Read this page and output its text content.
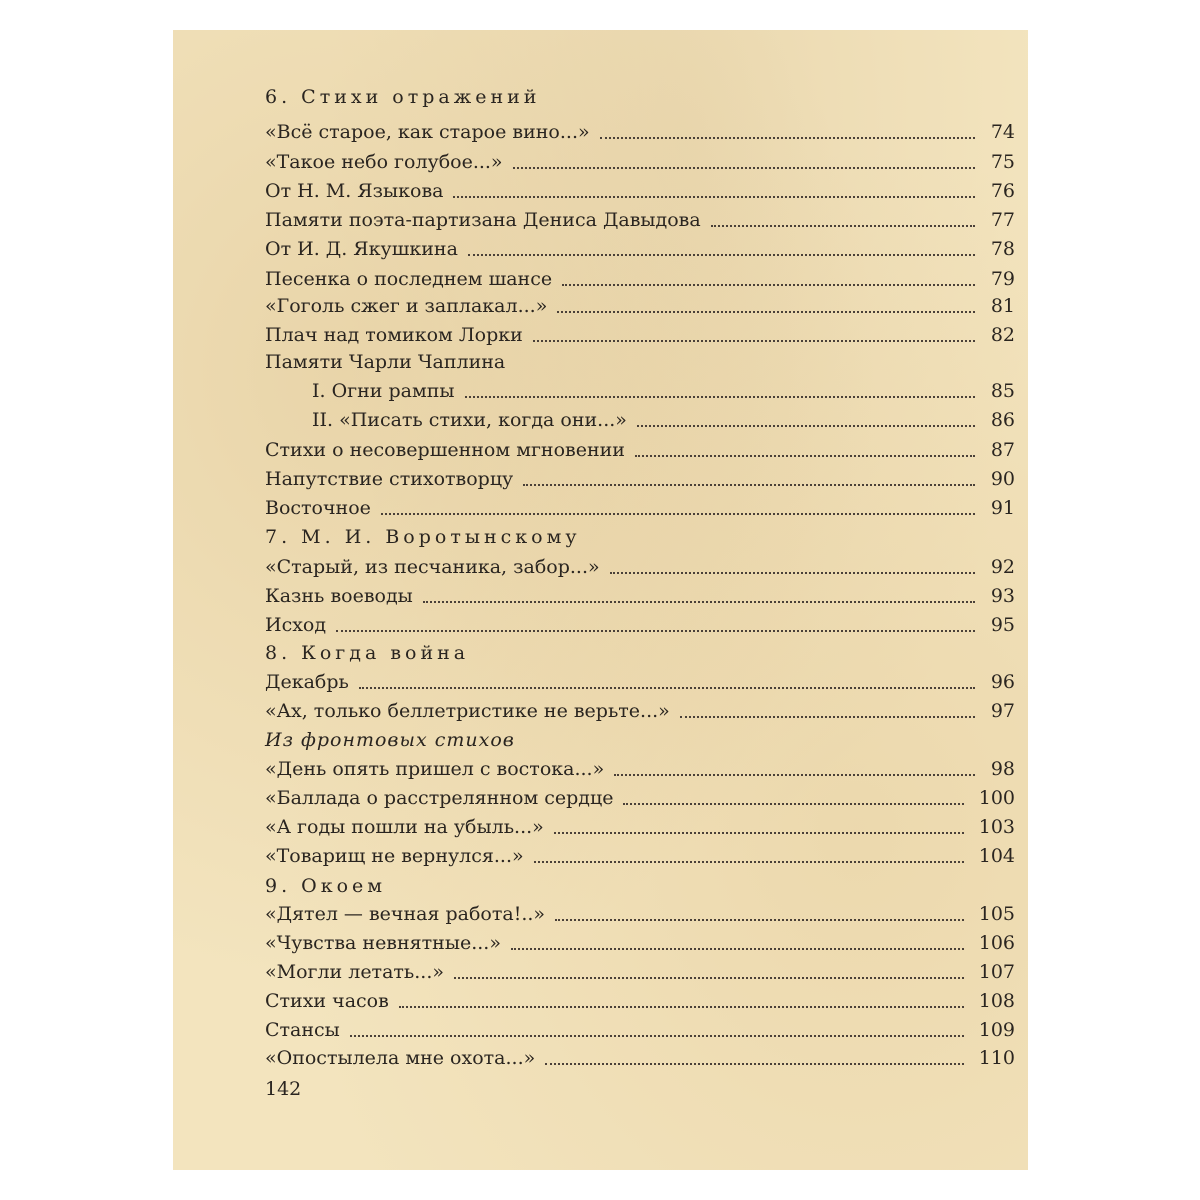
6. Стихи отражений
«Всё старое, как старое вино...»	74
«Такое небо голубое...»	75
От Н. М. Языкова	76
Памяти поэта-партизана Дениса Давыдова	77
От И. Д. Якушкина	78
Песенка о последнем шансе	79
«Гоголь сжег и заплакал...»	81
Плач над томиком Лорки	82
Памяти Чарли Чаплина
I. Огни рампы	85
II. «Писать стихи, когда они...»	86
Стихи о несовершенном мгновении	87
Напутствие стихотворцу	90
Восточное	91
7. М. И. Воротынскому
«Старый, из песчаника, забор...»	92
Казнь воеводы	93
Исход	95
8. Когда война
Декабрь	96
«Ах, только беллетристике не верьте...»	97
Из фронтовых стихов
«День опять пришел с востока...»	98
«Баллада о расстрелянном сердце	100
«А годы пошли на убыль...»	103
«Товарищ не вернулся...»	104
9. Окоем
«Дятел — вечная работа!..»	105
«Чувства невнятные...»	106
«Могли летать...»	107
Стихи часов	108
Стансы	109
«Опостылела мне охота...»	110
142
